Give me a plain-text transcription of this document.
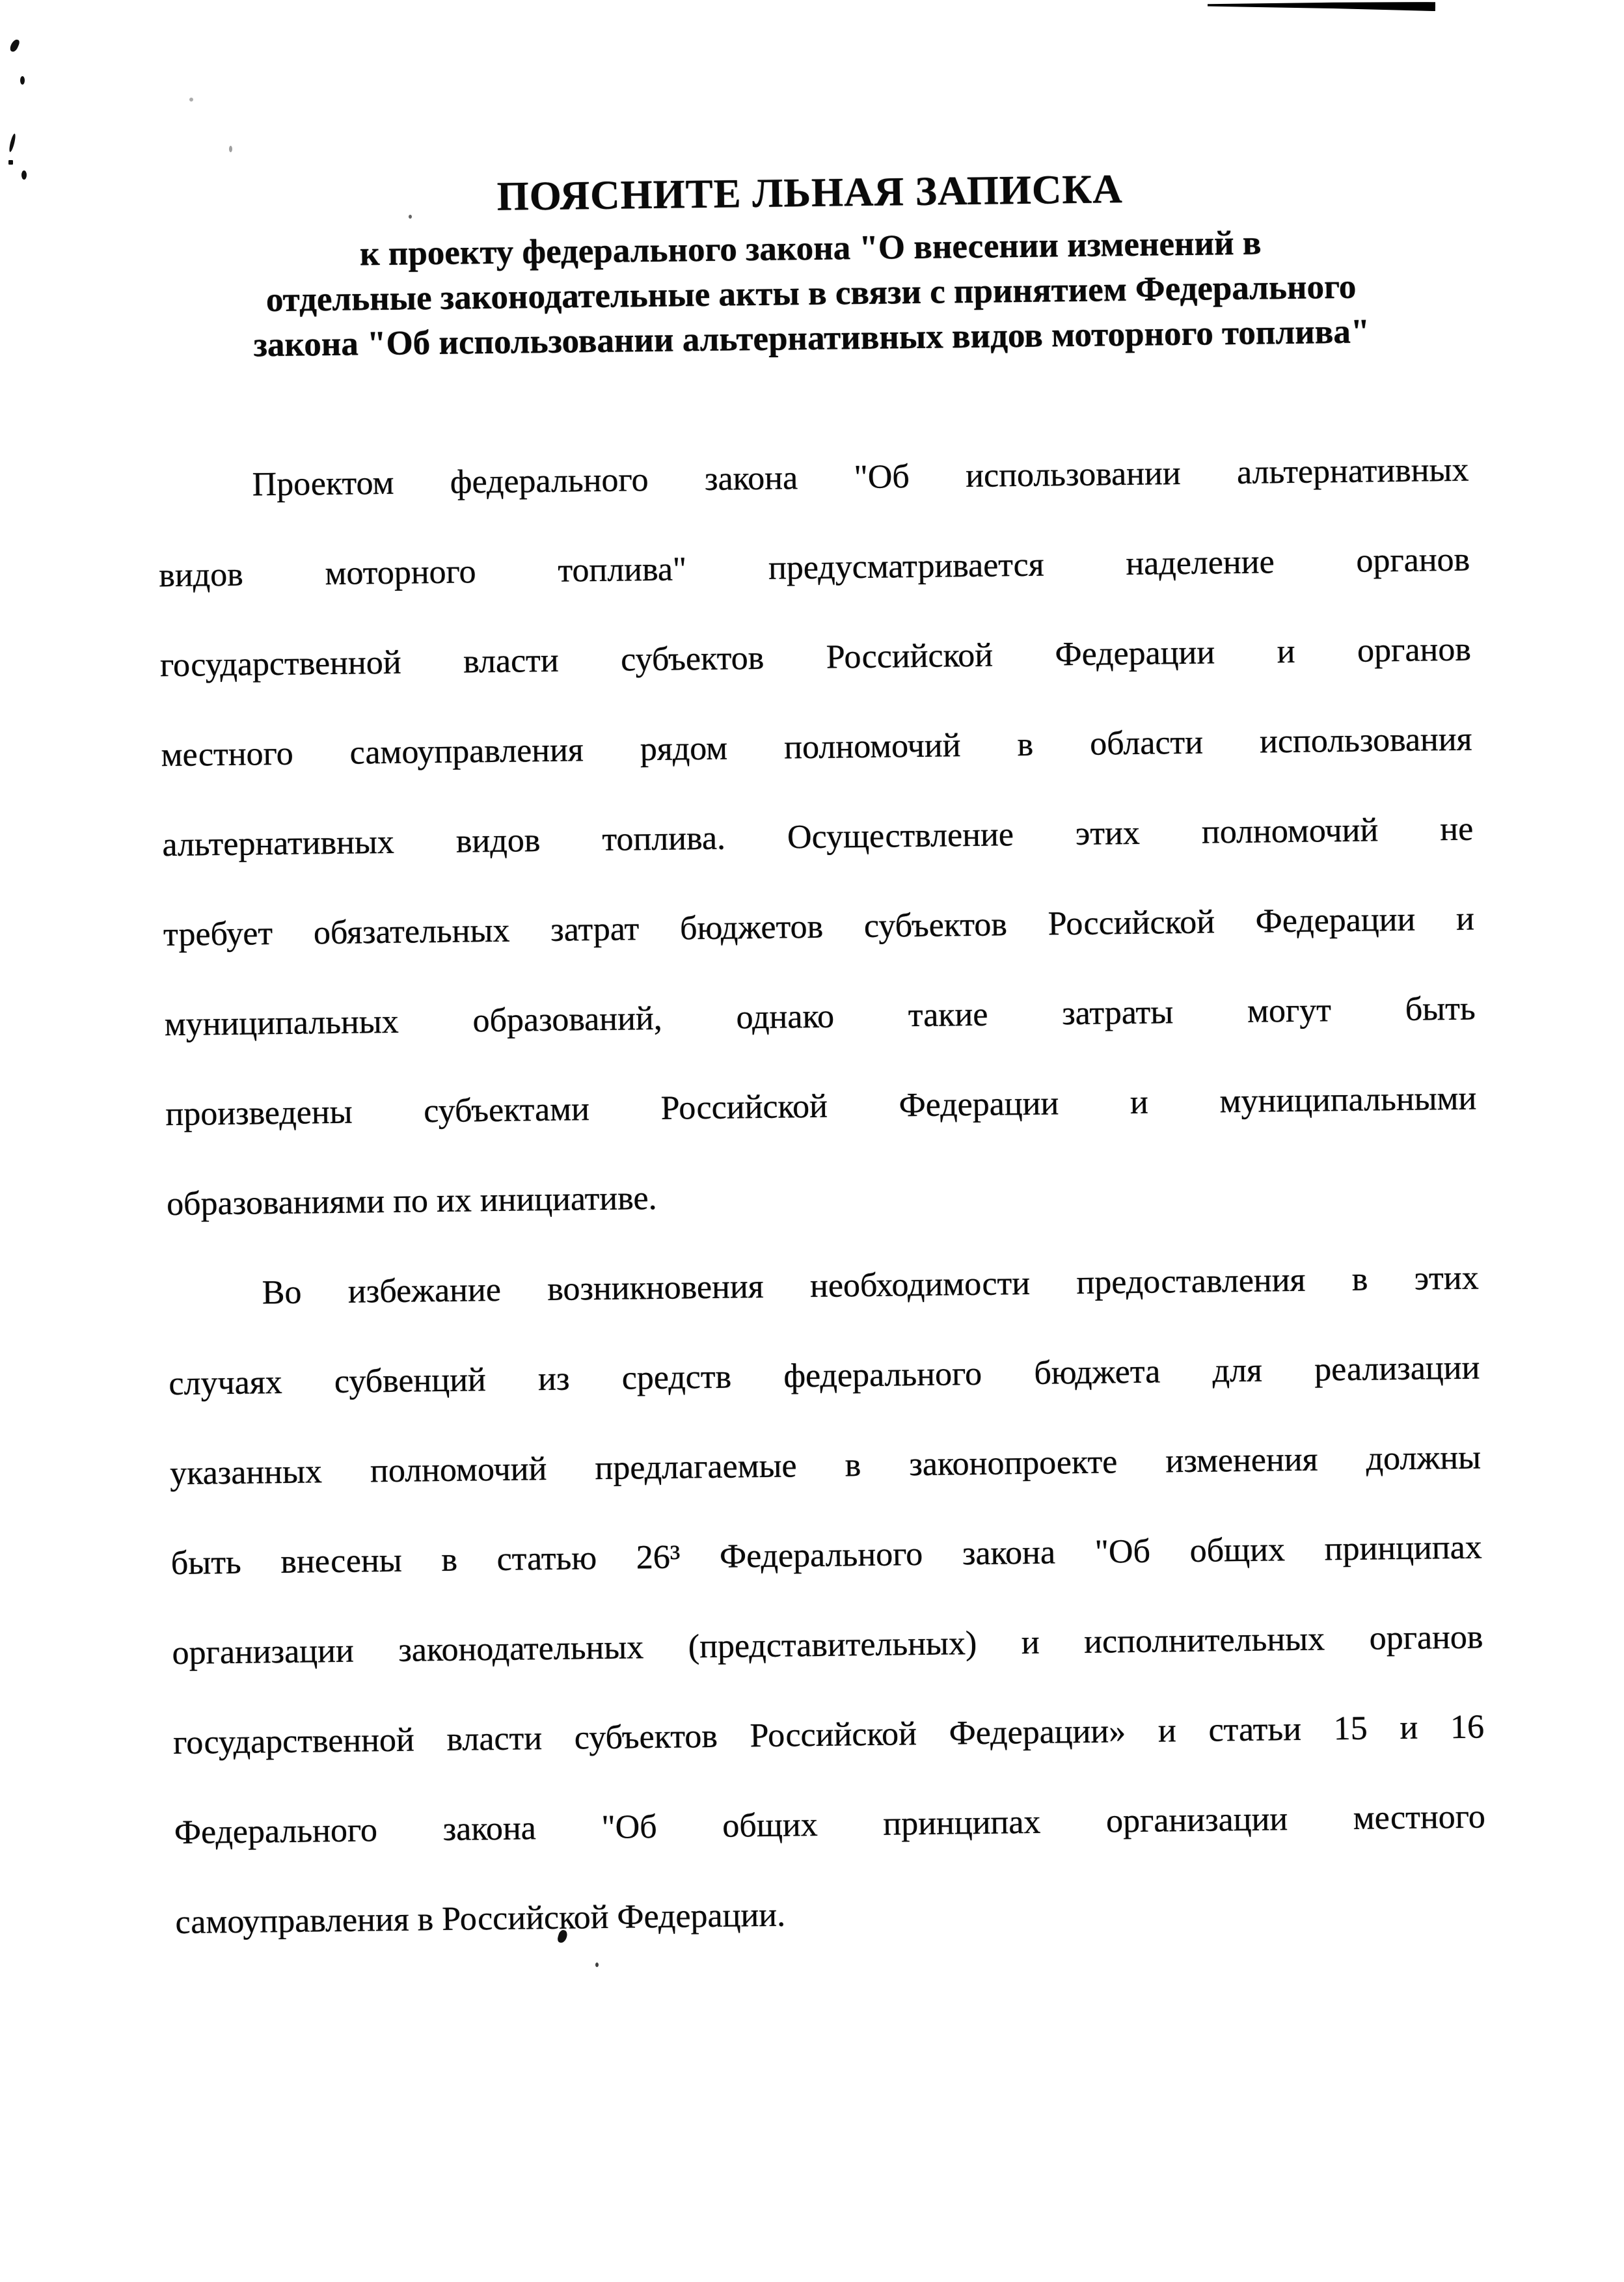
ПОЯСНИТЕ ЛЬНАЯ ЗАПИСКА
к проекту федерального закона "О внесении изменений в
отдельные законодательные акты в связи с принятием Федерального
закона "Об использовании альтернативных видов моторного топлива"
Проектом федерального закона "Об использовании альтернативных
видов моторного топлива" предусматривается наделение органов
государственной власти субъектов Российской Федерации и органов
местного самоуправления рядом полномочий в области использования
альтернативных видов топлива. Осуществление этих полномочий не
требует обязательных затрат бюджетов субъектов Российской Федерации и
муниципальных образований, однако такие затраты могут быть
произведены субъектами Российской Федерации и муниципальными
образованиями по их инициативе.
Во избежание возникновения необходимости предоставления в этих
случаях субвенций из средств федерального бюджета для реализации
указанных полномочий предлагаемые в законопроекте изменения должны
быть внесены в статью 26³ Федерального закона "Об общих принципах
организации законодательных (представительных) и исполнительных органов
государственной власти субъектов Российской Федерации» и статьи 15 и 16
Федерального закона "Об общих принципах организации местного
самоуправления в Российской Федерации.
